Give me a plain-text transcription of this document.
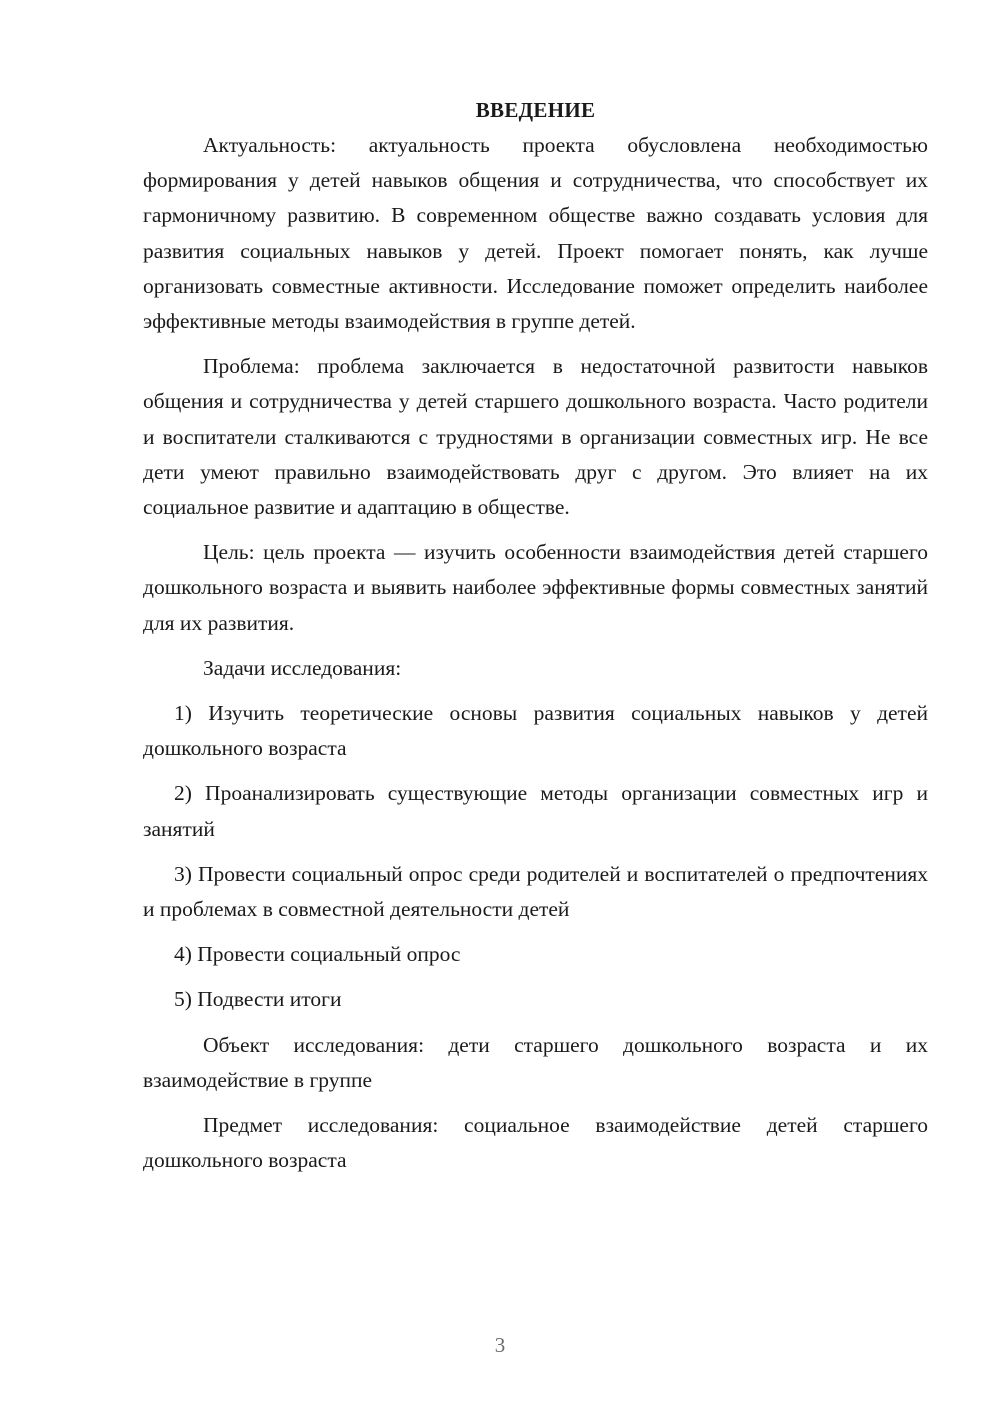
ВВЕДЕНИЕ

Актуальность: актуальность проекта обусловлена необходимостью формирования у детей навыков общения и сотрудничества, что способствует их гармоничному развитию. В современном обществе важно создавать условия для развития социальных навыков у детей. Проект помогает понять, как лучше организовать совместные активности. Исследование поможет определить наиболее эффективные методы взаимодействия в группе детей.

Проблема: проблема заключается в недостаточной развитости навыков общения и сотрудничества у детей старшего дошкольного возраста. Часто родители и воспитатели сталкиваются с трудностями в организации совместных игр. Не все дети умеют правильно взаимодействовать друг с другом. Это влияет на их социальное развитие и адаптацию в обществе.

Цель: цель проекта — изучить особенности взаимодействия детей старшего дошкольного возраста и выявить наиболее эффективные формы совместных занятий для их развития.

Задачи исследования:

1) Изучить теоретические основы развития социальных навыков у детей дошкольного возраста

2) Проанализировать существующие методы организации совместных игр и занятий

3) Провести социальный опрос среди родителей и воспитателей о предпочтениях и проблемах в совместной деятельности детей

4) Провести социальный опрос

5) Подвести итоги

Объект исследования: дети старшего дошкольного возраста и их взаимодействие в группе

Предмет исследования: социальное взаимодействие детей старшего дошкольного возраста

3
